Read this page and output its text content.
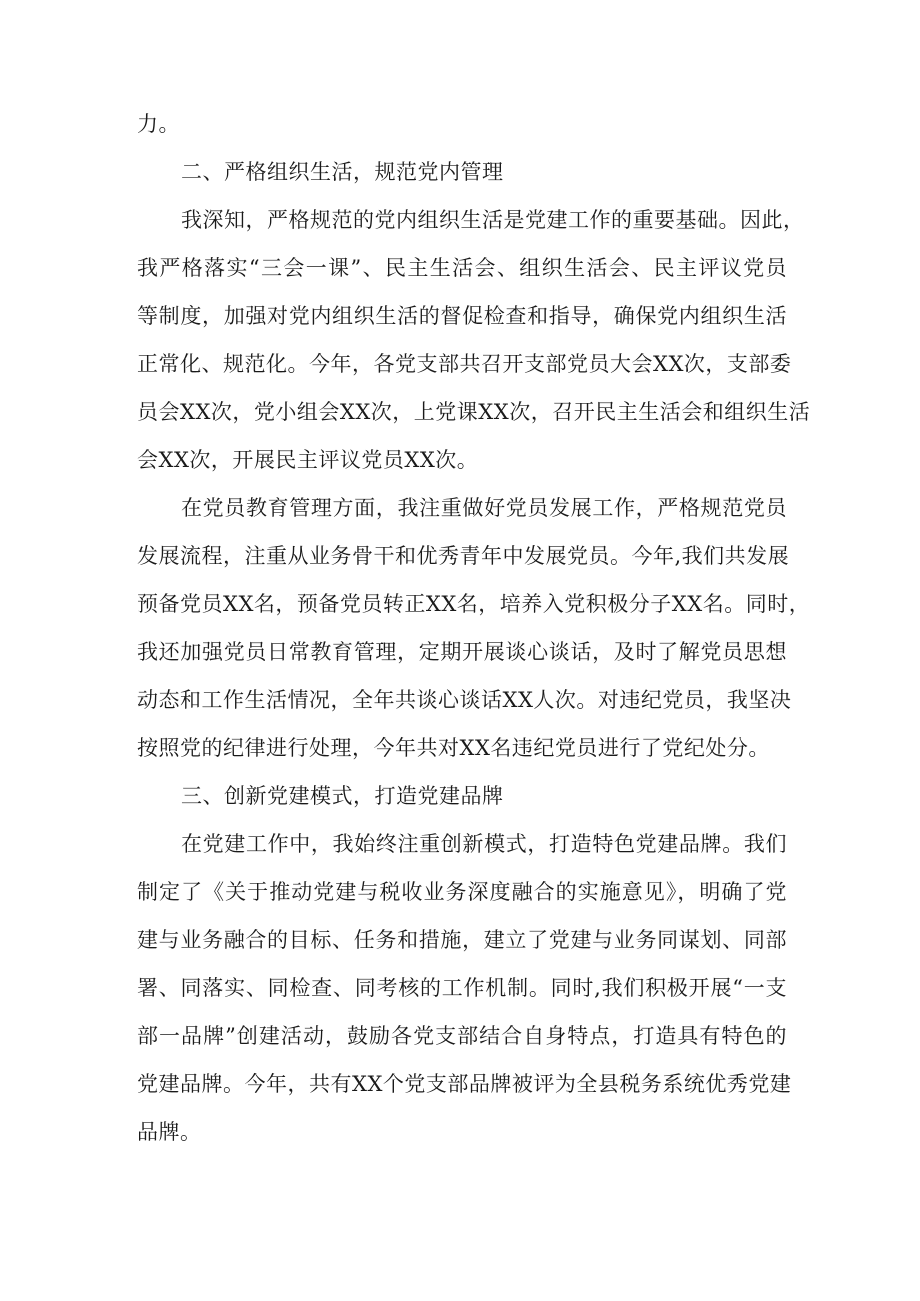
力。
二、严格组织生活，规范党内管理
我深知，严格规范的党内组织生活是党建工作的重要基础。因此，
我严格落实“三会一课”、民主生活会、组织生活会、民主评议党员
等制度，加强对党内组织生活的督促检查和指导，确保党内组织生活
正常化、规范化。今年，各党支部共召开支部党员大会XX次，支部委
员会XX次，党小组会XX次，上党课XX次，召开民主生活会和组织生活
会XX次，开展民主评议党员XX次。
在党员教育管理方面，我注重做好党员发展工作，严格规范党员
发展流程，注重从业务骨干和优秀青年中发展党员。今年,我们共发展
预备党员XX名，预备党员转正XX名，培养入党积极分子XX名。同时，
我还加强党员日常教育管理，定期开展谈心谈话，及时了解党员思想
动态和工作生活情况，全年共谈心谈话XX人次。对违纪党员，我坚决
按照党的纪律进行处理，今年共对XX名违纪党员进行了党纪处分。
三、创新党建模式，打造党建品牌
在党建工作中，我始终注重创新模式，打造特色党建品牌。我们
制定了《关于推动党建与税收业务深度融合的实施意见》，明确了党
建与业务融合的目标、任务和措施，建立了党建与业务同谋划、同部
署、同落实、同检查、同考核的工作机制。同时,我们积极开展“一支
部一品牌”创建活动，鼓励各党支部结合自身特点，打造具有特色的
党建品牌。今年，共有XX个党支部品牌被评为全县税务系统优秀党建
品牌。
